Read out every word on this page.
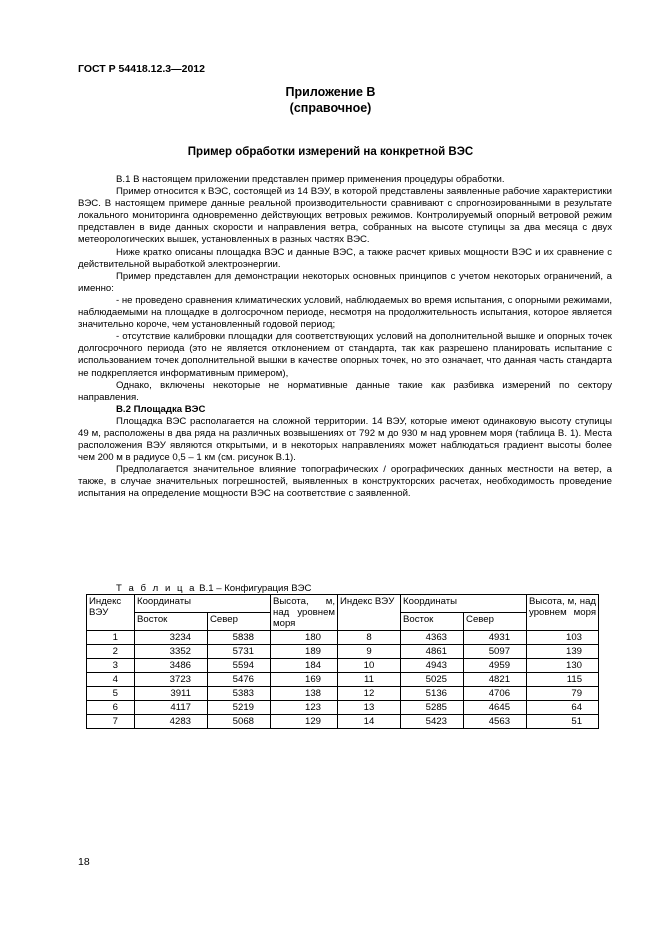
ГОСТ Р 54418.12.3—2012
Приложение В
(справочное)
Пример обработки измерений на конкретной ВЭС

В.1 В настоящем приложении представлен пример применения процедуры обработки.

Пример относится к ВЭС, состоящей из 14 ВЭУ, в которой представлены заявленные рабочие характеристики ВЭС. В настоящем примере данные реальной производительности сравнивают с спрогнозированными в результате локального мониторинга одновременно действующих ветровых режимов. Контролируемый опорный ветровой режим представлен в виде данных скорости и направления ветра, собранных на высоте ступицы за два месяца с двух метеорологических вышек, установленных в разных частях ВЭС.

Ниже кратко описаны площадка ВЭС и данные ВЭС, а также расчет кривых мощности ВЭС и их сравнение с действительной выработкой электроэнергии.

Пример представлен для демонстрации некоторых основных принципов с учетом некоторых ограничений, а именно:

- не проведено сравнения климатических условий, наблюдаемых во время испытания, с опорными режимами, наблюдаемыми на площадке в долгосрочном периоде, несмотря на продолжительность испытания, которое является значительно короче, чем установленный годовой период;

- отсутствие калибровки площадки для соответствующих условий на дополнительной вышке и опорных точек долгосрочного периода (это не является отклонением от стандарта, так как разрешено планировать испытание с использованием точек дополнительной вышки в качестве опорных точек, но это означает, что данная часть стандарта не подкрепляется информативным примером),

Однако, включены некоторые не нормативные данные такие как разбивка измерений по сектору направления.

В.2 Площадка ВЭС

Площадка ВЭС располагается на сложной территории. 14 ВЭУ, которые имеют одинаковую высоту ступицы 49 м, расположены в два ряда на различных возвышениях от 792 м до 930 м над уровнем моря (таблица В. 1). Места расположения ВЭУ являются открытыми, и в некоторых направлениях может наблюдаться градиент высоты более чем 200 м в радиусе 0,5 – 1 км (см. рисунок В.1).

Предполагается значительное влияние топографических / орографических данных местности на ветер, а также, в случае значительных погрешностей, выявленных в конструкторских расчетах, необходимость проведение испытания на определение мощности ВЭС на соответствие с заявленной.

Т а б л и ц а В.1 – Конфигурация ВЭС
Индекс ВЭУ	Координаты		Высота, м, над уровнем моря	Индекс ВЭУ	Координаты		Высота, м, над уровнем моря
	Восток	Север			Восток	Север	
1	3234	5838	180	8	4363	4931	103
2	3352	5731	189	9	4861	5097	139
3	3486	5594	184	10	4943	4959	130
4	3723	5476	169	11	5025	4821	115
5	3911	5383	138	12	5136	4706	79
6	4117	5219	123	13	5285	4645	64
7	4283	5068	129	14	5423	4563	51
18
